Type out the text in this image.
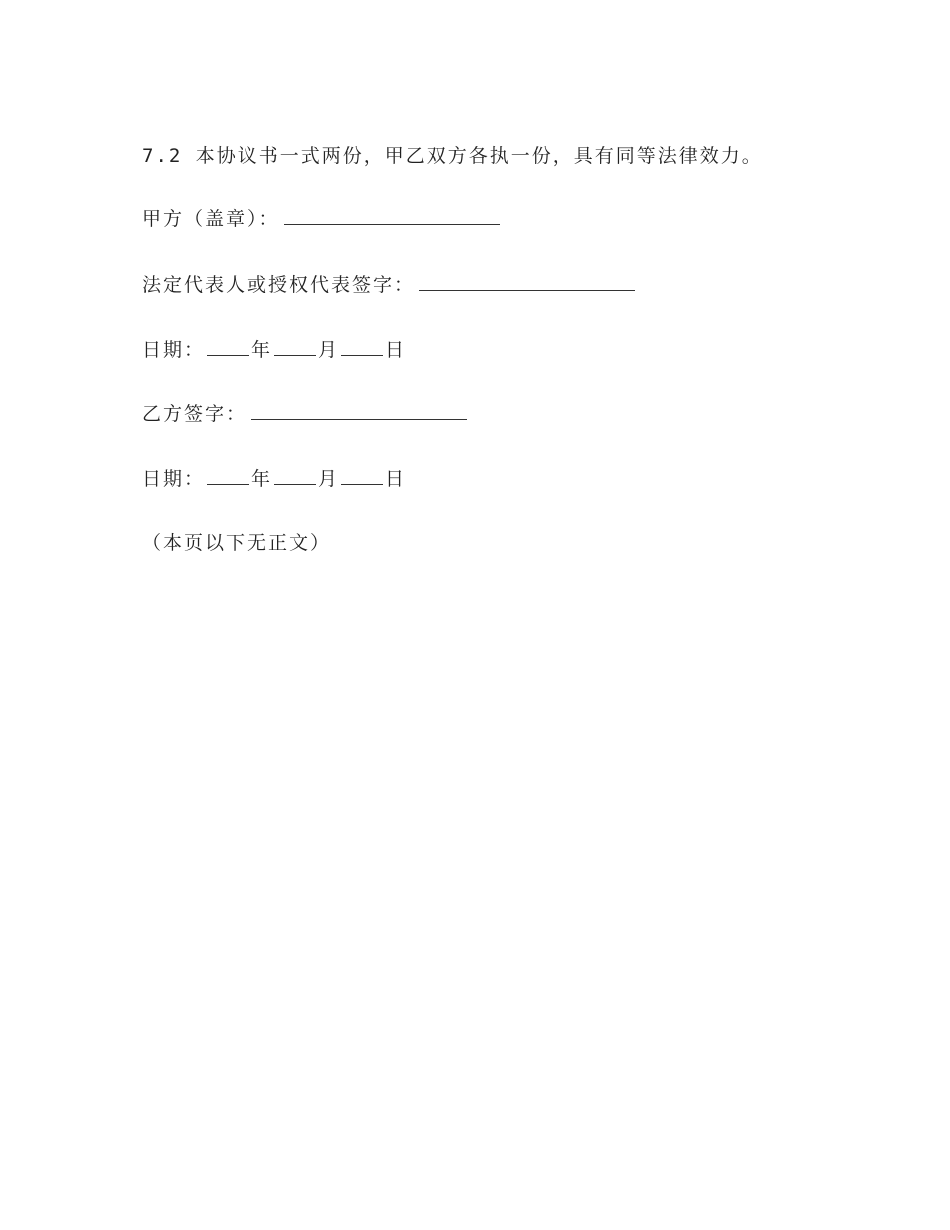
7.2 本协议书一式两份，甲乙双方各执一份，具有同等法律效力。
甲方（盖章）：
法定代表人或授权代表签字：
日期： 年 月 日
乙方签字：
日期： 年 月 日
（本页以下无正文）
